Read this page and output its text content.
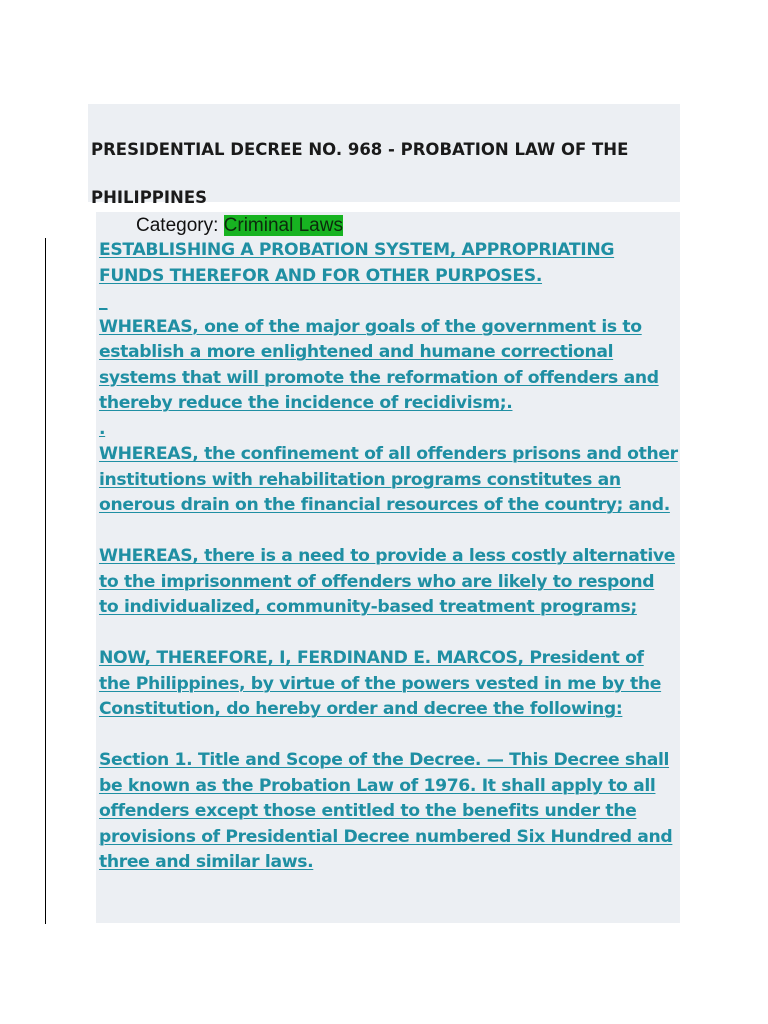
PRESIDENTIAL DECREE NO. 968 - PROBATION LAW OF THE PHILIPPINES
Category: Criminal Laws

ESTABLISHING A PROBATION SYSTEM, APPROPRIATING FUNDS THEREFOR AND FOR OTHER PURPOSES.

_

WHEREAS, one of the major goals of the government is to establish a more enlightened and humane correctional systems that will promote the reformation of offenders and thereby reduce the incidence of recidivism;.

.

WHEREAS, the confinement of all offenders prisons and other institutions with rehabilitation programs constitutes an onerous drain on the financial resources of the country; and.

WHEREAS, there is a need to provide a less costly alternative to the imprisonment of offenders who are likely to respond to individualized, community-based treatment programs;

NOW, THEREFORE, I, FERDINAND E. MARCOS, President of the Philippines, by virtue of the powers vested in me by the Constitution, do hereby order and decree the following:

Section 1. Title and Scope of the Decree. — This Decree shall be known as the Probation Law of 1976. It shall apply to all offenders except those entitled to the benefits under the provisions of Presidential Decree numbered Six Hundred and three and similar laws.
